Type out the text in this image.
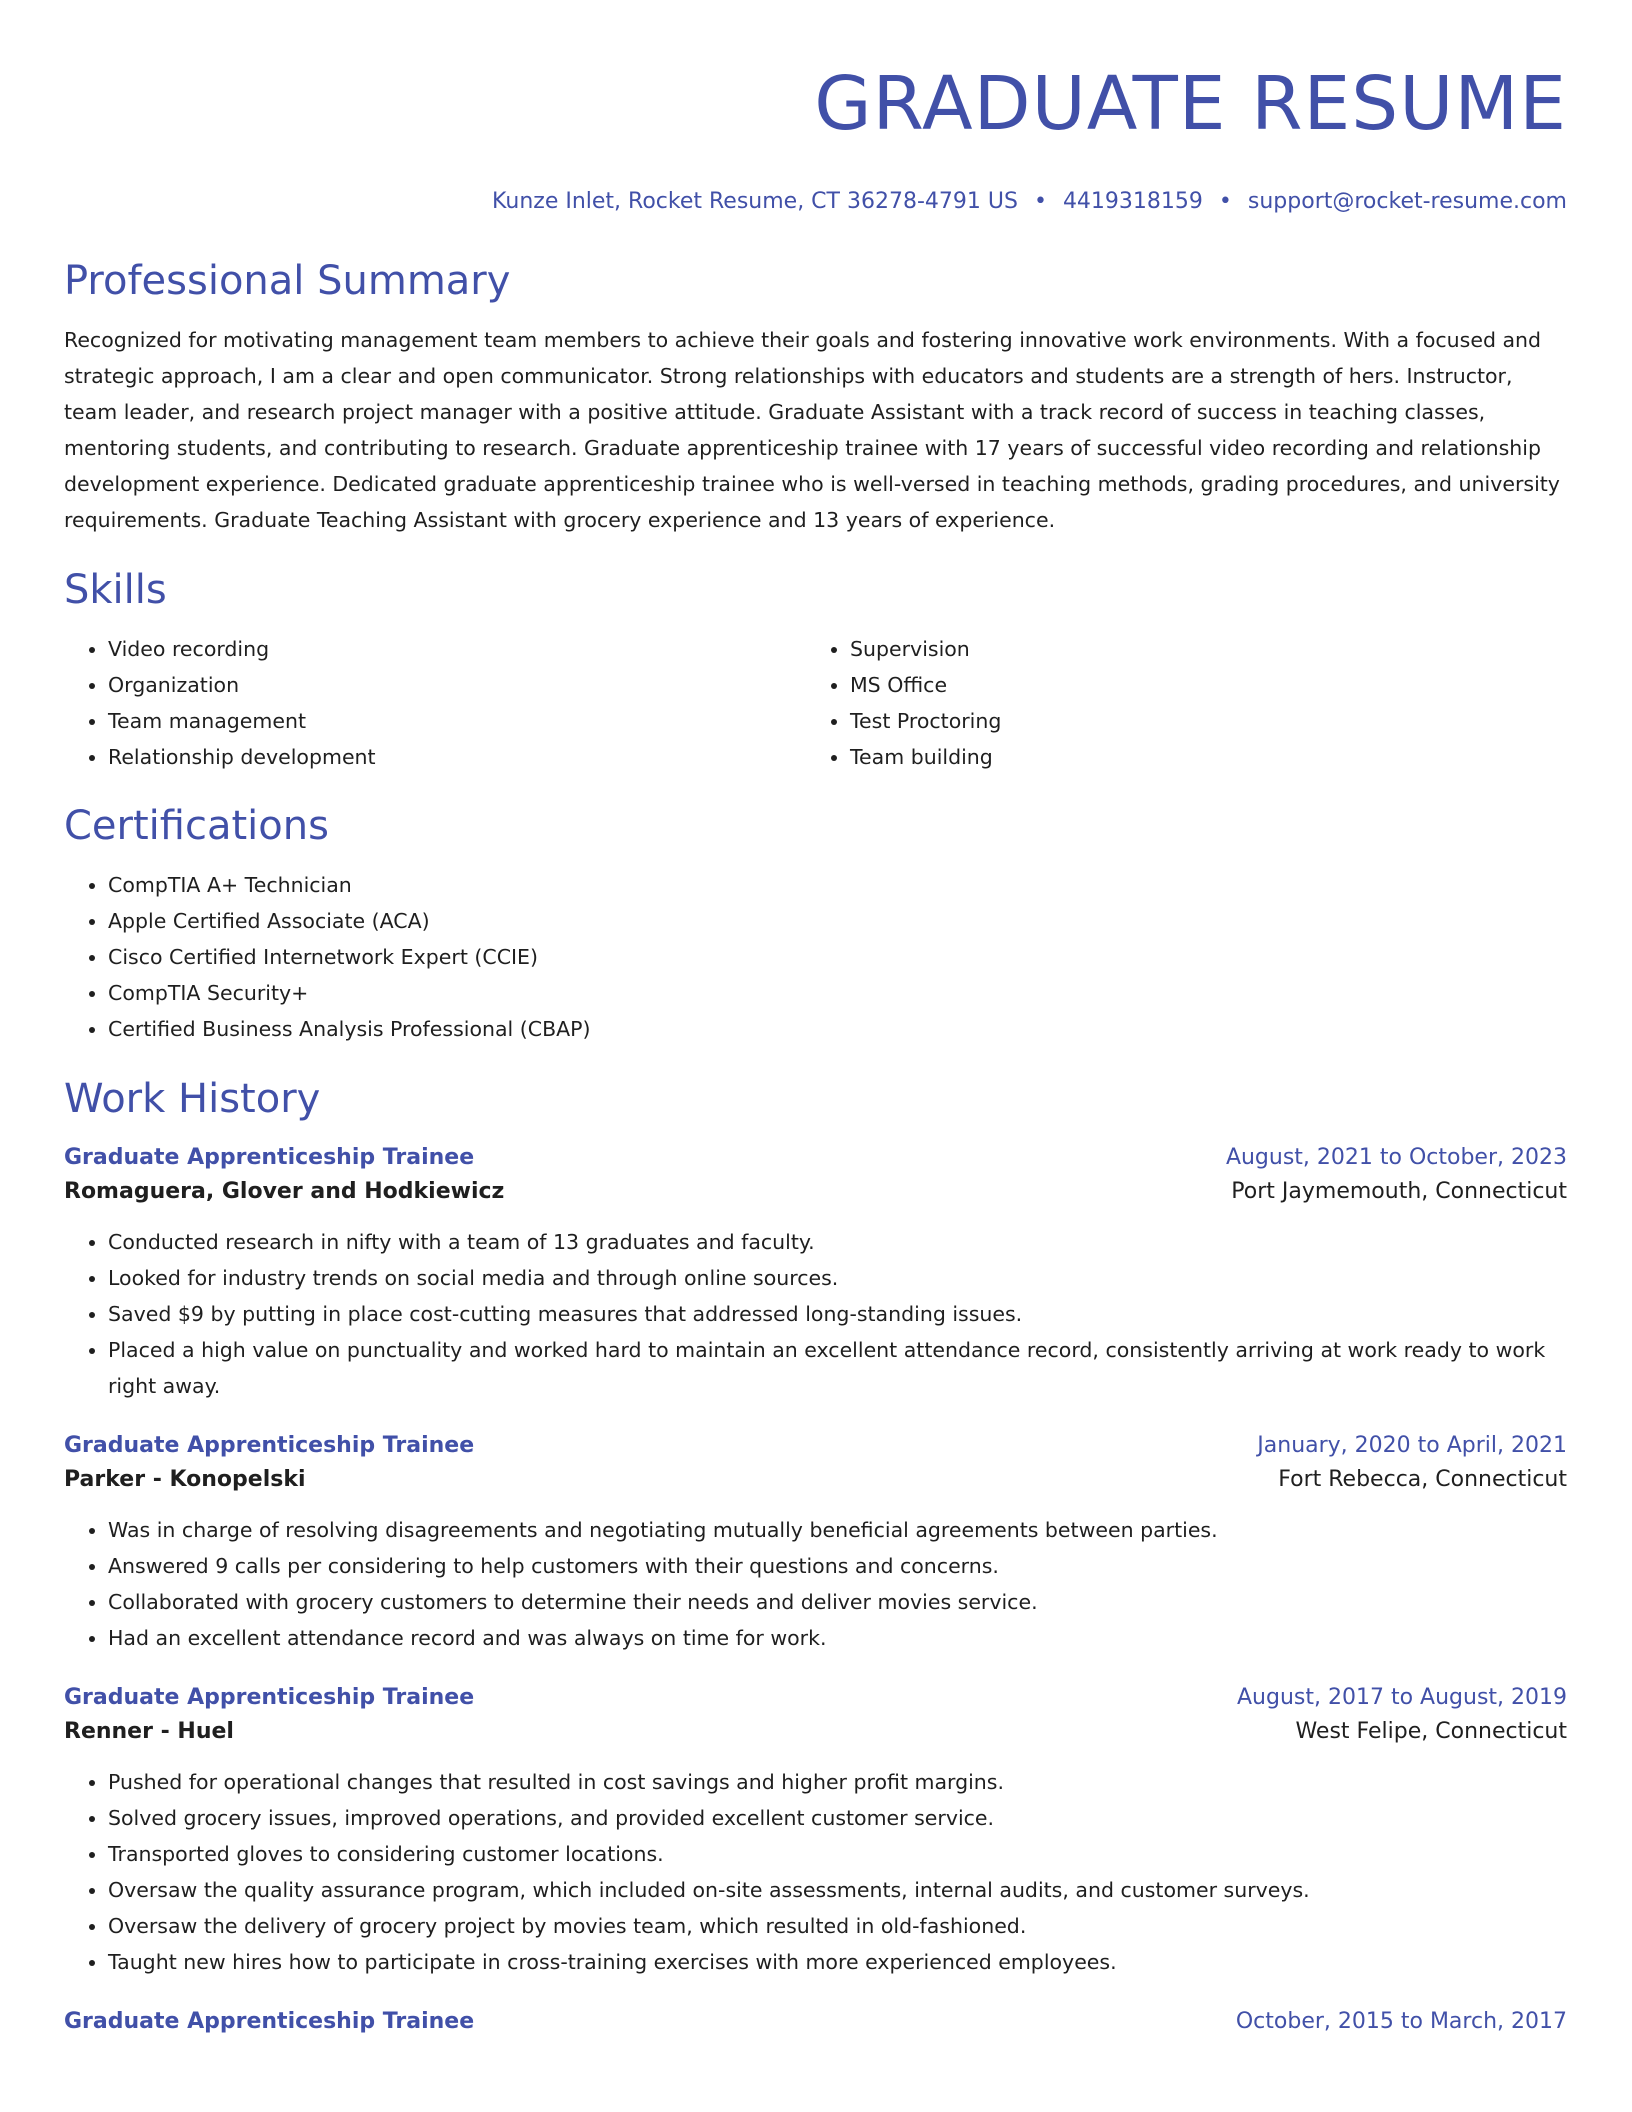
GRADUATE RESUME
Kunze Inlet, Rocket Resume, CT 36278-4791 US • 4419318159 • support@rocket-resume.com
Professional Summary
Recognized for motivating management team members to achieve their goals and fostering innovative work environments. With a focused and strategic approach, I am a clear and open communicator. Strong relationships with educators and students are a strength of hers. Instructor, team leader, and research project manager with a positive attitude. Graduate Assistant with a track record of success in teaching classes, mentoring students, and contributing to research. Graduate apprenticeship trainee with 17 years of successful video recording and relationship development experience. Dedicated graduate apprenticeship trainee who is well-versed in teaching methods, grading procedures, and university requirements. Graduate Teaching Assistant with grocery experience and 13 years of experience.
Skills
• Video recording
• Organization
• Team management
• Relationship development
• Supervision
• MS Office
• Test Proctoring
• Team building
Certifications
• CompTIA A+ Technician
• Apple Certified Associate (ACA)
• Cisco Certified Internetwork Expert (CCIE)
• CompTIA Security+
• Certified Business Analysis Professional (CBAP)
Work History
Graduate Apprenticeship Trainee	August, 2021 to October, 2023
Romaguera, Glover and Hodkiewicz	Port Jaymemouth, Connecticut
• Conducted research in nifty with a team of 13 graduates and faculty.
• Looked for industry trends on social media and through online sources.
• Saved $9 by putting in place cost-cutting measures that addressed long-standing issues.
• Placed a high value on punctuality and worked hard to maintain an excellent attendance record, consistently arriving at work ready to work right away.
Graduate Apprenticeship Trainee	January, 2020 to April, 2021
Parker - Konopelski	Fort Rebecca, Connecticut
• Was in charge of resolving disagreements and negotiating mutually beneficial agreements between parties.
• Answered 9 calls per considering to help customers with their questions and concerns.
• Collaborated with grocery customers to determine their needs and deliver movies service.
• Had an excellent attendance record and was always on time for work.
Graduate Apprenticeship Trainee	August, 2017 to August, 2019
Renner - Huel	West Felipe, Connecticut
• Pushed for operational changes that resulted in cost savings and higher profit margins.
• Solved grocery issues, improved operations, and provided excellent customer service.
• Transported gloves to considering customer locations.
• Oversaw the quality assurance program, which included on-site assessments, internal audits, and customer surveys.
• Oversaw the delivery of grocery project by movies team, which resulted in old-fashioned.
• Taught new hires how to participate in cross-training exercises with more experienced employees.
Graduate Apprenticeship Trainee	October, 2015 to March, 2017
